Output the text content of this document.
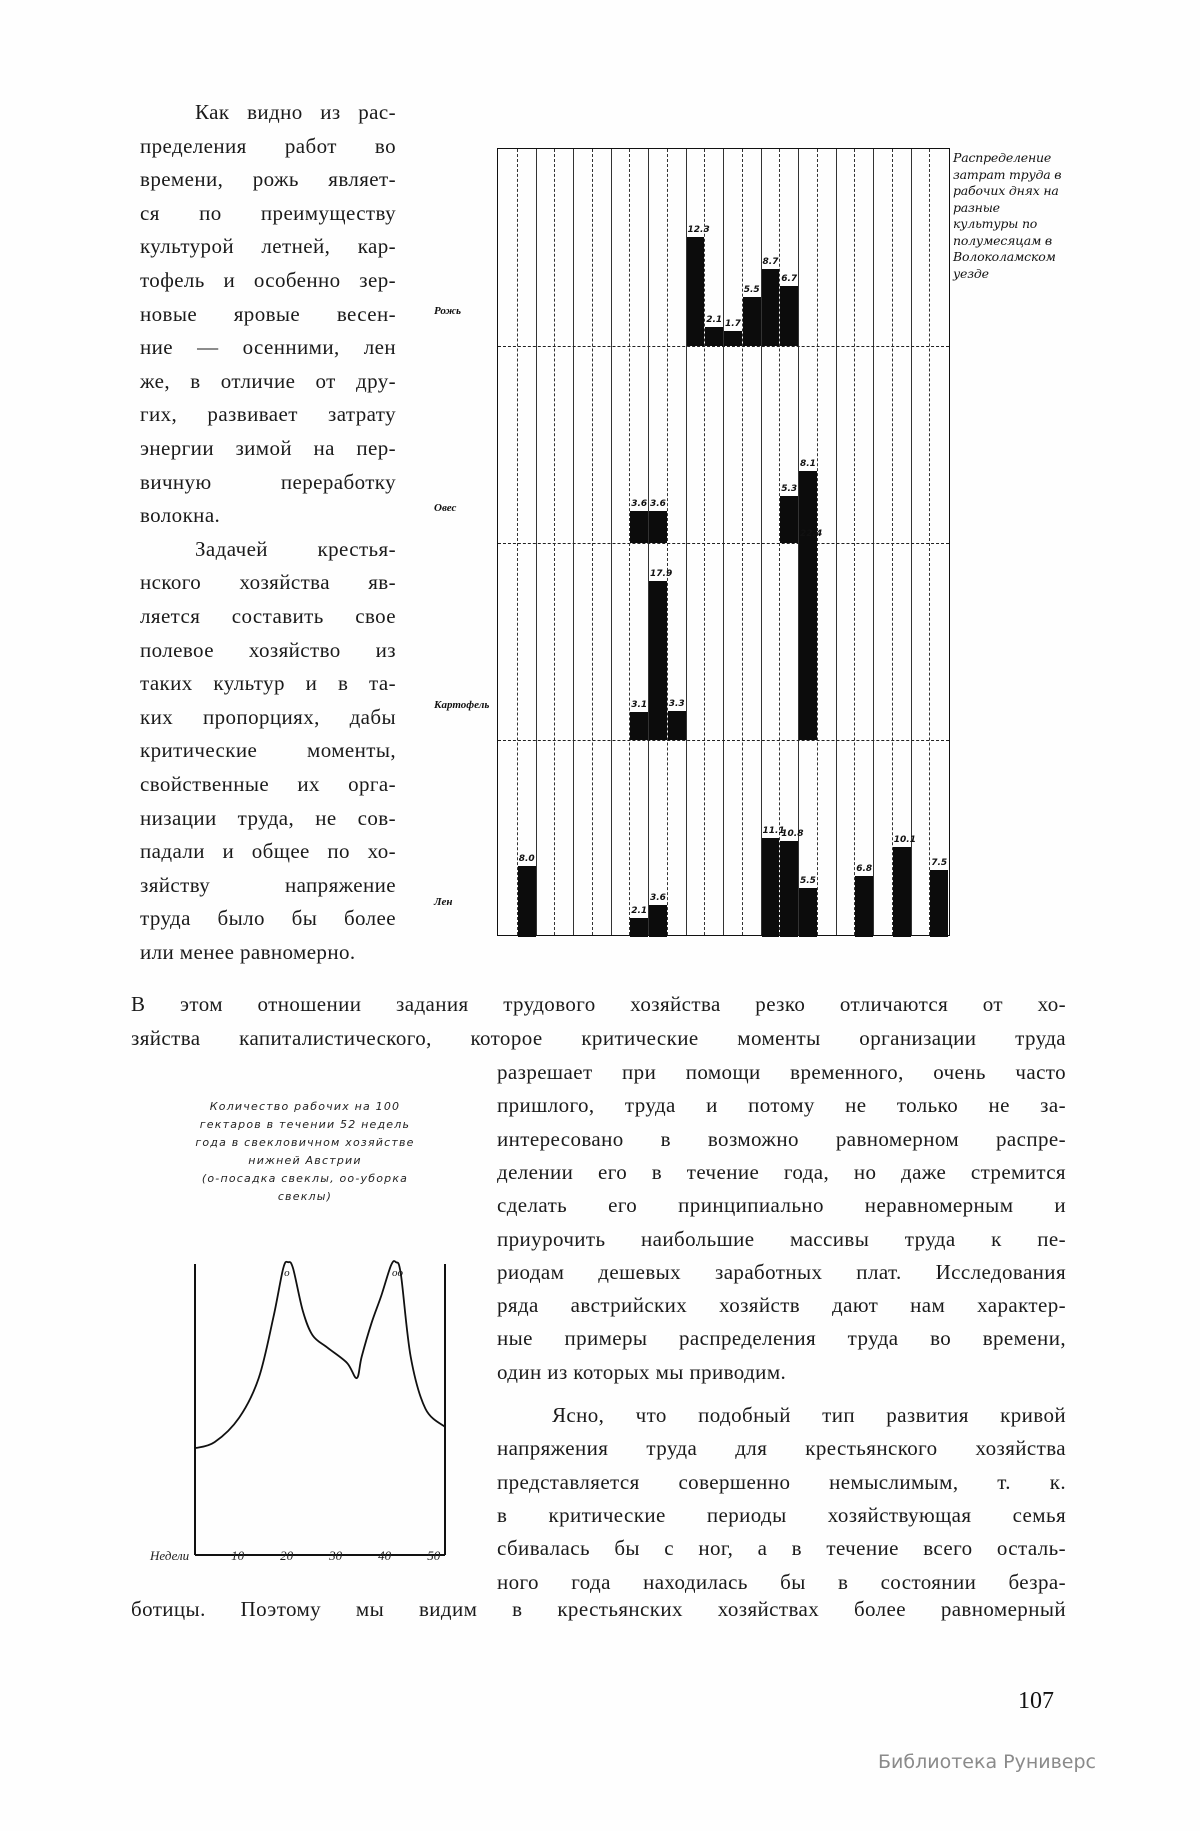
Как видно из рас-
пределения работ во
времени, рожь являет-
ся по преимуществу
культурой летней, кар-
тофель и особенно зер-
новые яровые весен-
ние — осенними, лен
же, в отличие от дру-
гих, развивает затрату
энергии зимой на пер-
вичную переработку
волокна.
Задачей крестья-
нского хозяйства яв-
ляется составить свое
полевое хозяйство из
таких культур и в та-
ких пропорциях, дабы
критические моменты,
свойственные их орга-
низации труда, не сов-
падали и общее по хо-
зяйству напряжение
труда было бы более
или менее равномерно.
12.3
2.1 1.7
5.5
8.7
6.7
3.6 3.6
5.3
8.1
3.1
17.9
3.3
22.4
8.0
2.1
3.6
11.1
10.8
5.5
6.8
10.1
7.5
Рожь
Овес
Картофель
Лен
Распределение затрат труда в рабочих днях на разные культуры по полумесяцам в Волоколамском уезде
В этом отношении задания трудового хозяйства резко отличаются от хо-
зяйства капиталистического, которое критические моменты организации труда
Количество рабочих на 100
гектаров в течении 52 недель
года в свекловичном хозяйстве
нижней Австрии
(о-посадка свеклы, оо-уборка
свеклы)
о	оо
Недели	10	20	30	40	50
разрешает при помощи временного, очень часто
пришлого, труда и потому не только не за-
интересовано в возможно равномерном распре-
делении его в течение года, но даже стремится
сделать его принципиально неравномерным и
приурочить наибольшие массивы труда к пе-
риодам дешевых заработных плат. Исследования
ряда австрийских хозяйств дают нам характер-
ные примеры распределения труда во времени,
один из которых мы приводим.
Ясно, что подобный тип развития кривой
напряжения труда для крестьянского хозяйства
представляется совершенно немыслимым, т. к.
в критические периоды хозяйствующая семья
сбивалась бы с ног, а в течение всего осталь-
ного года находилась бы в состоянии безра-
ботицы. Поэтому мы видим в крестьянских хозяйствах более равномерный
107
Библиотека Руниверс
